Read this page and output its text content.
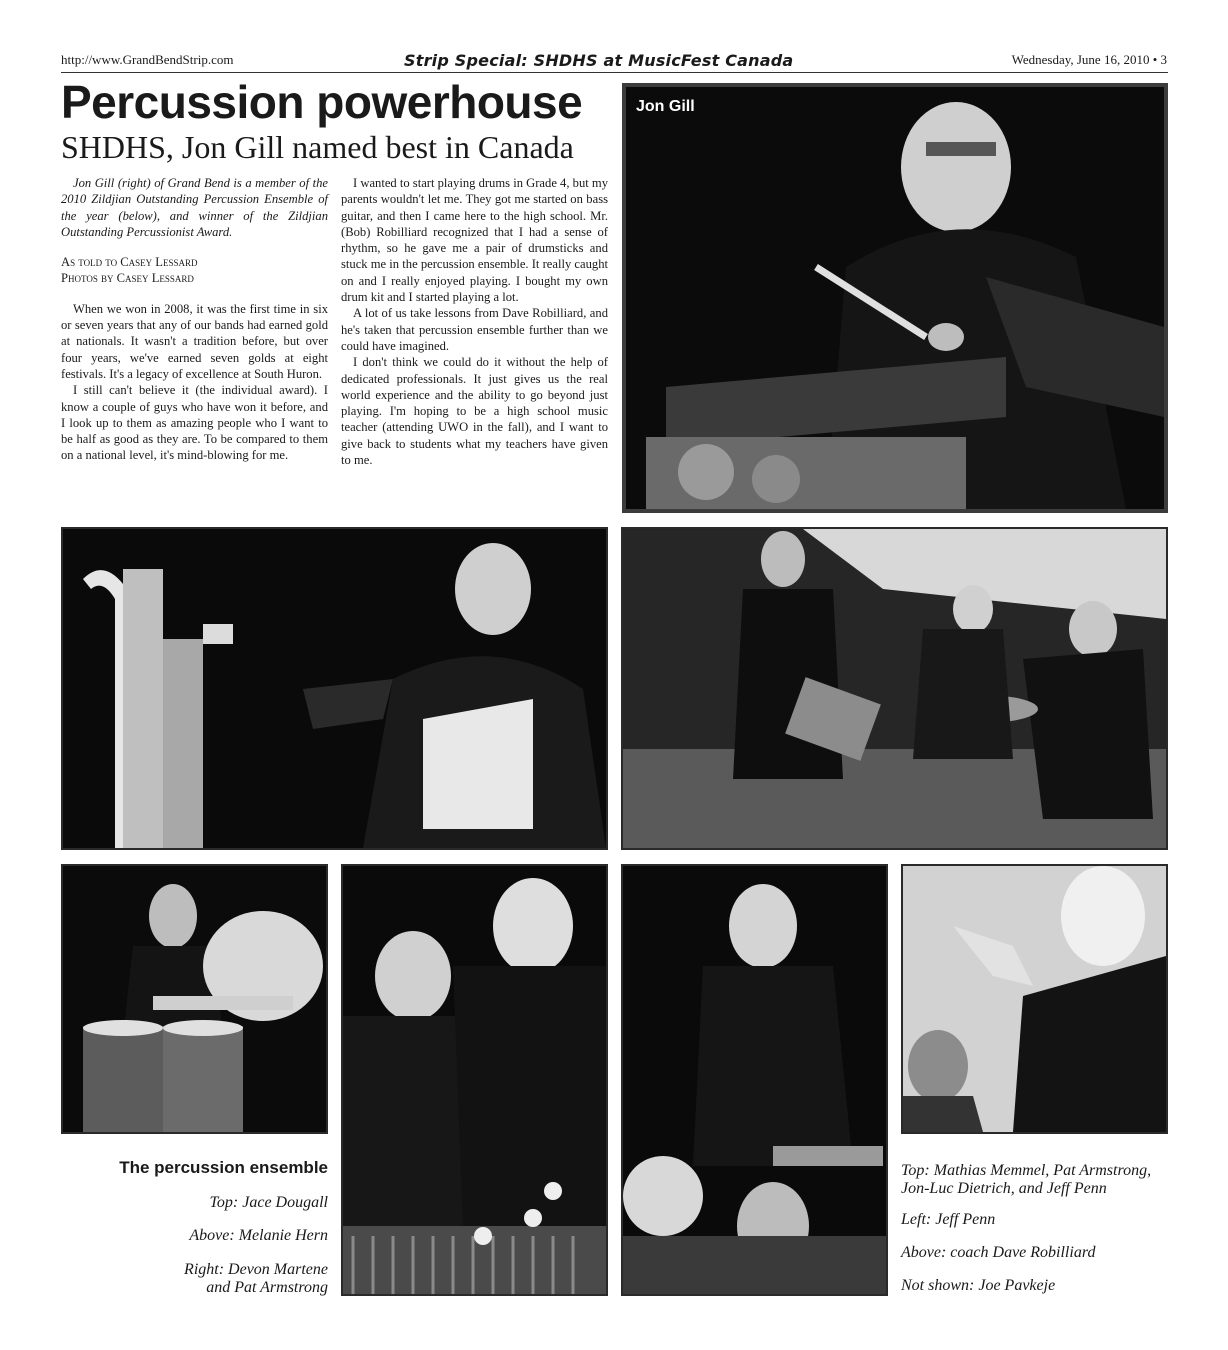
http://www.GrandBendStrip.com	Strip Special: SHDHS at MusicFest Canada	Wednesday, June 16, 2010 • 3
Percussion powerhouse
SHDHS, Jon Gill named best in Canada

Jon Gill (right) of Grand Bend is a member of the 2010 Zildjian Outstanding Percussion Ensemble of the year (below), and winner of the Zildjian Outstanding Percussionist Award.

As told to Casey Lessard
Photos by Casey Lessard

When we won in 2008, it was the first time in six or seven years that any of our bands had earned gold at nationals. It wasn't a tradition before, but over four years, we've earned seven golds at eight festivals. It's a legacy of excellence at South Huron.

I still can't believe it (the individual award). I know a couple of guys who have won it before, and I look up to them as amazing people who I want to be half as good as they are. To be compared to them on a national level, it's mind-blowing for me.

I wanted to start playing drums in Grade 4, but my parents wouldn't let me. They got me started on bass guitar, and then I came here to the high school. Mr. (Bob) Robilliard recognized that I had a sense of rhythm, so he gave me a pair of drumsticks and stuck me in the percussion ensemble. It really caught on and I really enjoyed playing. I bought my own drum kit and I started playing a lot.

A lot of us take lessons from Dave Robilliard, and he's taken that percussion ensemble further than we could have imagined.

I don't think we could do it without the help of dedicated professionals. It just gives us the real world experience and the ability to go beyond just playing. I'm hoping to be a high school music teacher (attending UWO in the fall), and I want to give back to students what my teachers have given to me.

Jon Gill
The percussion ensemble
Top: Jace Dougall
Above: Melanie Hern
Right: Devon Martene
and Pat Armstrong
Top: Mathias Memmel, Pat Armstrong,
Jon-Luc Dietrich, and Jeff Penn
Left: Jeff Penn
Above: coach Dave Robilliard
Not shown: Joe Pavkeje
